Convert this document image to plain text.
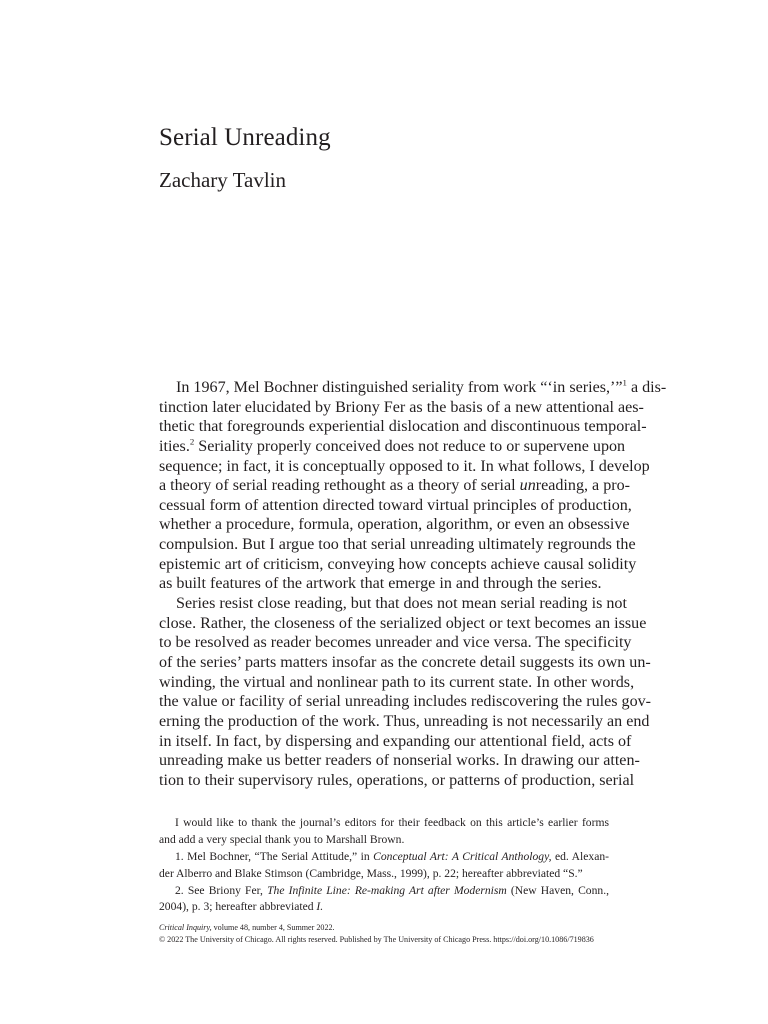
Serial Unreading
Zachary Tavlin
In 1967, Mel Bochner distinguished seriality from work “‘in series,’”$^1$ a dis-
tinction later elucidated by Briony Fer as the basis of a new attentional aes-
thetic that foregrounds experiential dislocation and discontinuous temporal-
ities.$^2$ Seriality properly conceived does not reduce to or supervene upon
sequence; in fact, it is conceptually opposed to it. In what follows, I develop
a theory of serial reading rethought as a theory of serial unreading, a pro-
cessual form of attention directed toward virtual principles of production,
whether a procedure, formula, operation, algorithm, or even an obsessive
compulsion. But I argue too that serial unreading ultimately regrounds the
epistemic art of criticism, conveying how concepts achieve causal solidity
as built features of the artwork that emerge in and through the series.
Series resist close reading, but that does not mean serial reading is not
close. Rather, the closeness of the serialized object or text becomes an issue
to be resolved as reader becomes unreader and vice versa. The specificity
of the series’ parts matters insofar as the concrete detail suggests its own un-
winding, the virtual and nonlinear path to its current state. In other words,
the value or facility of serial unreading includes rediscovering the rules gov-
erning the production of the work. Thus, unreading is not necessarily an end
in itself. In fact, by dispersing and expanding our attentional field, acts of
unreading make us better readers of nonserial works. In drawing our atten-
tion to their supervisory rules, operations, or patterns of production, serial
I would like to thank the journal’s editors for their feedback on this article’s earlier forms
and add a very special thank you to Marshall Brown.
1. Mel Bochner, “The Serial Attitude,” in Conceptual Art: A Critical Anthology, ed. Alexan-
der Alberro and Blake Stimson (Cambridge, Mass., 1999), p. 22; hereafter abbreviated “S.”
2. See Briony Fer, The Infinite Line: Re-making Art after Modernism (New Haven, Conn.,
2004), p. 3; hereafter abbreviated I.
Critical Inquiry, volume 48, number 4, Summer 2022.
© 2022 The University of Chicago. All rights reserved. Published by The University of Chicago Press. https://doi.org/10.1086/719836
